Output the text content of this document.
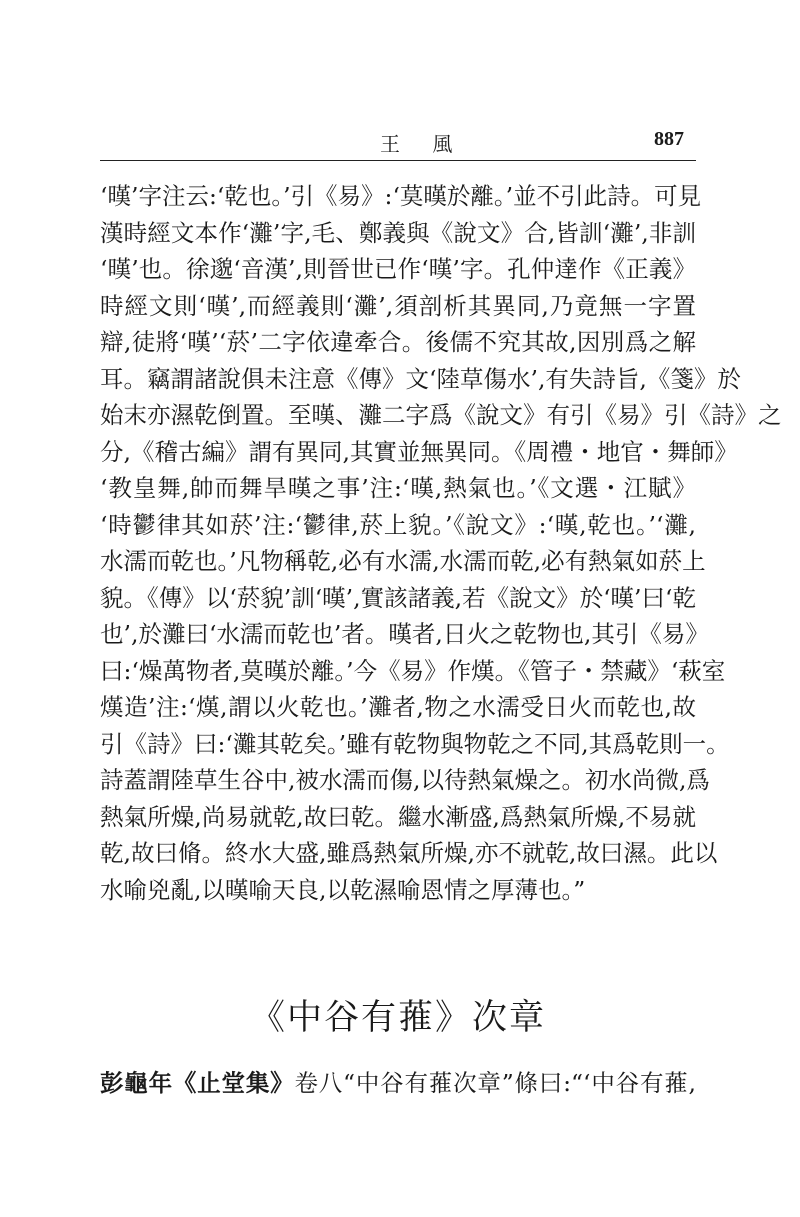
王 風	887
‘暵’字注云:‘乾也。’引《易》:‘莫暵於離。’並不引此詩。可見
漢時經文本作‘灘’字,毛、鄭義與《說文》合,皆訓‘灘’,非訓
‘暵’也。徐邈‘音漢’,則晉世已作‘暵’字。孔仲達作《正義》
時經文則‘暵’,而經義則‘灘’,須剖析其異同,乃竟無一字置
辯,徒將‘暵’‘菸’二字依違牽合。後儒不究其故,因別爲之解
耳。竊謂諸說俱未注意《傳》文‘陸草傷水’,有失詩旨,《箋》於
始末亦濕乾倒置。至暵、灘二字爲《說文》有引《易》引《詩》之
分,《稽古編》謂有異同,其實並無異同。《周禮・地官・舞師》
‘教皇舞,帥而舞旱暵之事’注:‘暵,熱氣也。’《文選・江賦》
‘時鬱律其如菸’注:‘鬱律,菸上貌。’《說文》:‘暵,乾也。’‘灘,
水濡而乾也。’凡物稱乾,必有水濡,水濡而乾,必有熱氣如菸上
貌。《傳》以‘菸貌’訓‘暵’,實該諸義,若《說文》於‘暵’曰‘乾
也’,於灘曰‘水濡而乾也’者。暵者,日火之乾物也,其引《易》
曰:‘燥萬物者,莫暵於離。’今《易》作熯。《管子・禁藏》‘萩室
熯造’注:‘熯,謂以火乾也。’灘者,物之水濡受日火而乾也,故
引《詩》曰:‘灘其乾矣。’雖有乾物與物乾之不同,其爲乾則一。
詩蓋謂陸草生谷中,被水濡而傷,以待熱氣燥之。初水尚微,爲
熱氣所燥,尚易就乾,故曰乾。繼水漸盛,爲熱氣所燥,不易就
乾,故曰脩。終水大盛,雖爲熱氣所燥,亦不就乾,故曰濕。此以
水喻兇亂,以暵喻天良,以乾濕喻恩情之厚薄也。”
《中谷有蓷》次章
彭龜年《止堂集》卷八“中谷有蓷次章”條曰:“‘中谷有蓷,
